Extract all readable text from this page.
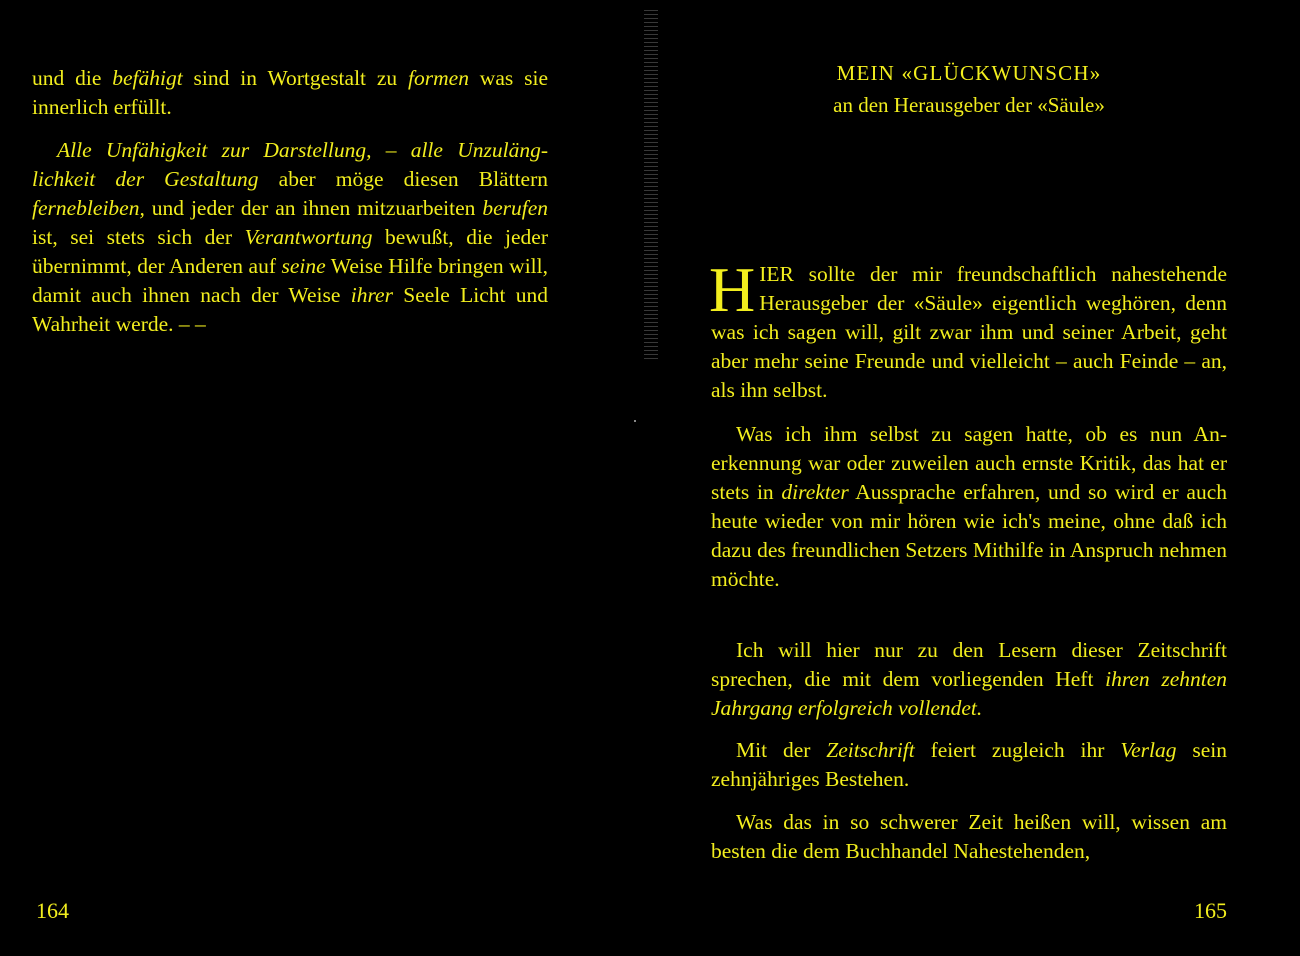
und die befähigt sind in Wortgestalt zu formen was sie innerlich erfüllt.

Alle Unfähigkeit zur Darstellung, – alle Unzulänglichkeit der Gestaltung aber möge diesen Blättern fernebleiben, und jeder der an ihnen mitzuarbeiten berufen ist, sei stets sich der Verantwortung bewußt, die jeder übernimmt, der Anderen auf seine Weise Hilfe bringen will, damit auch ihnen nach der Weise ihrer Seele Licht und Wahrheit werde. – –

164
MEIN «GLÜCKWUNSCH»
an den Herausgeber der «Säule»

HIER sollte der mir freundschaftlich nahestehende Herausgeber der «Säule» eigentlich weghören, denn was ich sagen will, gilt zwar ihm und seiner Arbeit, geht aber mehr seine Freunde und vielleicht – auch Feinde – an, als ihn selbst.

Was ich ihm selbst zu sagen hatte, ob es nun Anerkennung war oder zuweilen auch ernste Kritik, das hat er stets in direkter Aussprache erfahren, und so wird er auch heute wieder von mir hören wie ich's meine, ohne daß ich dazu des freundlichen Setzers Mithilfe in Anspruch nehmen möchte.

Ich will hier nur zu den Lesern dieser Zeitschrift sprechen, die mit dem vorliegenden Heft ihren zehnten Jahrgang erfolgreich vollendet.

Mit der Zeitschrift feiert zugleich ihr Verlag sein zehnjähriges Bestehen.

Was das in so schwerer Zeit heißen will, wissen am besten die dem Buchhandel Nahestehenden,

165
